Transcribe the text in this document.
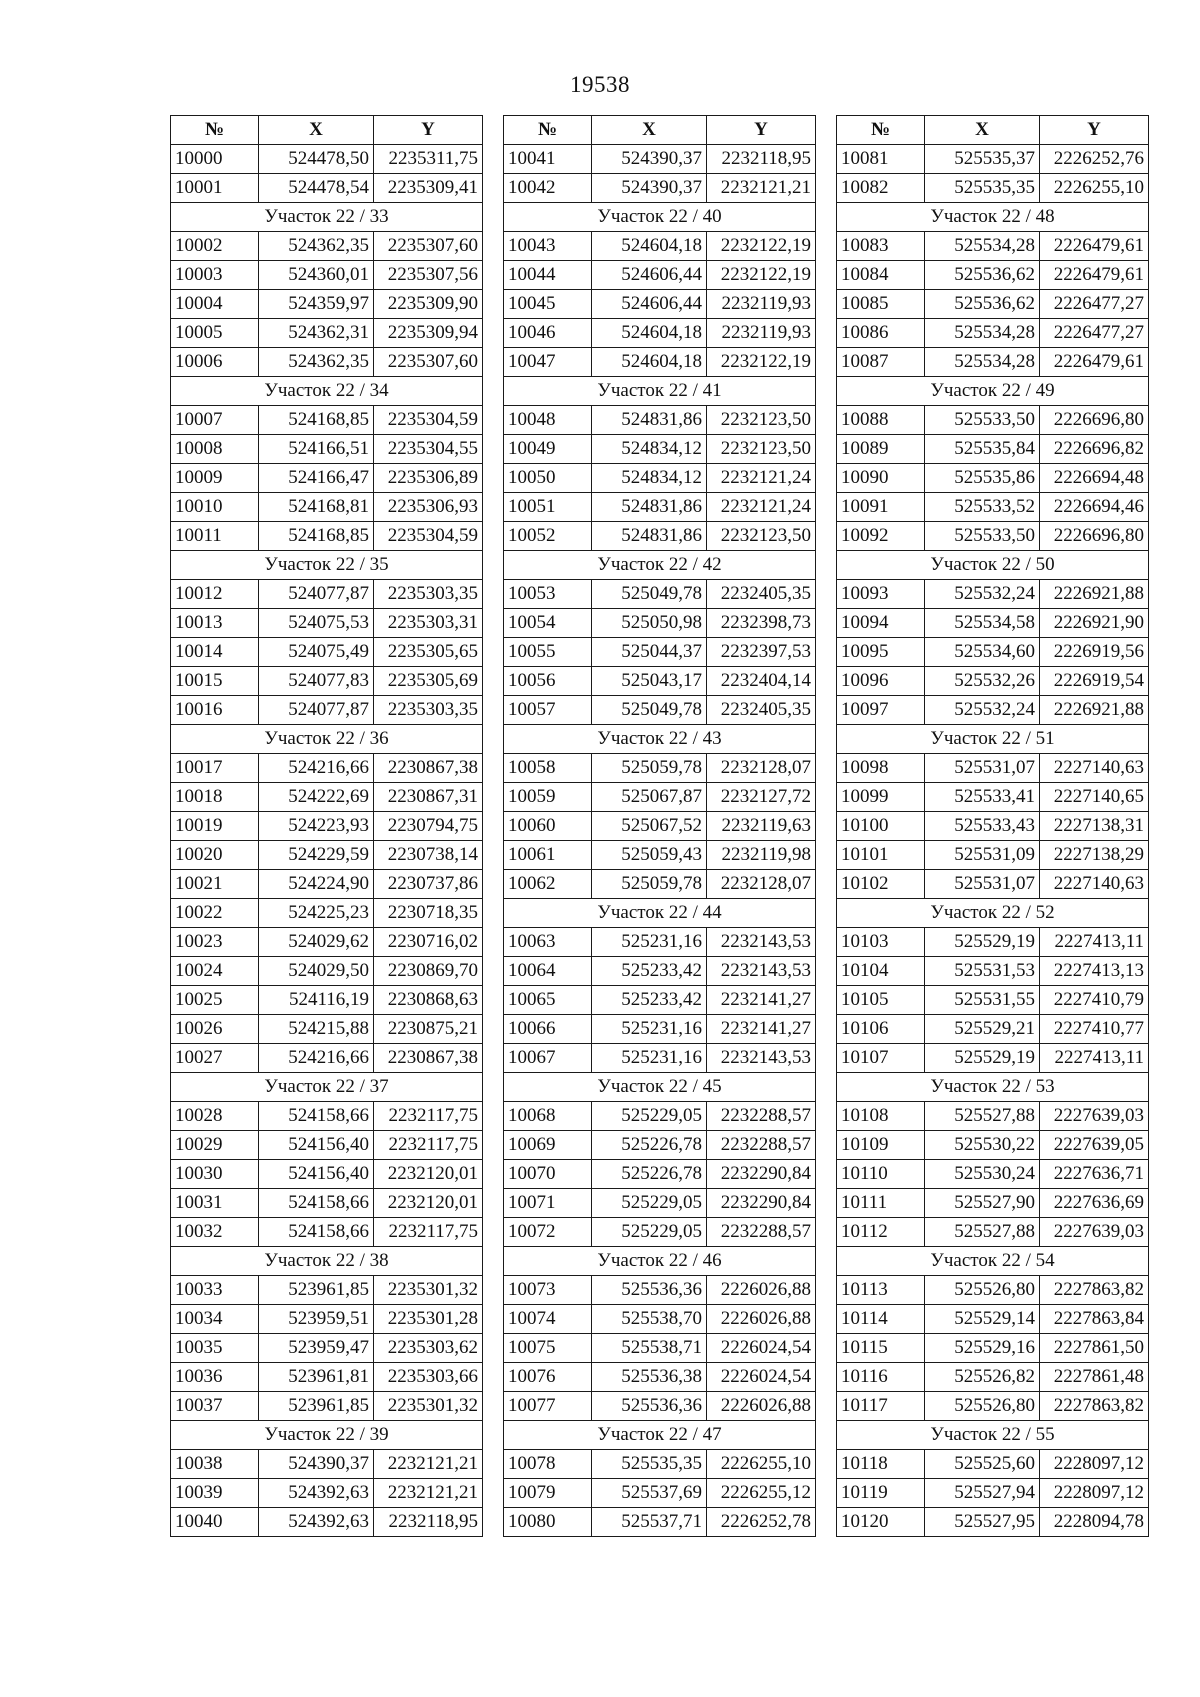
19538
№	X	Y
10000	524478,50	2235311,75
10001	524478,54	2235309,41
Участок 22 / 33		
10002	524362,35	2235307,60
10003	524360,01	2235307,56
10004	524359,97	2235309,90
10005	524362,31	2235309,94
10006	524362,35	2235307,60
Участок 22 / 34		
10007	524168,85	2235304,59
10008	524166,51	2235304,55
10009	524166,47	2235306,89
10010	524168,81	2235306,93
10011	524168,85	2235304,59
Участок 22 / 35		
10012	524077,87	2235303,35
10013	524075,53	2235303,31
10014	524075,49	2235305,65
10015	524077,83	2235305,69
10016	524077,87	2235303,35
Участок 22 / 36		
10017	524216,66	2230867,38
10018	524222,69	2230867,31
10019	524223,93	2230794,75
10020	524229,59	2230738,14
10021	524224,90	2230737,86
10022	524225,23	2230718,35
10023	524029,62	2230716,02
10024	524029,50	2230869,70
10025	524116,19	2230868,63
10026	524215,88	2230875,21
10027	524216,66	2230867,38
Участок 22 / 37		
10028	524158,66	2232117,75
10029	524156,40	2232117,75
10030	524156,40	2232120,01
10031	524158,66	2232120,01
10032	524158,66	2232117,75
Участок 22 / 38		
10033	523961,85	2235301,32
10034	523959,51	2235301,28
10035	523959,47	2235303,62
10036	523961,81	2235303,66
10037	523961,85	2235301,32
Участок 22 / 39		
10038	524390,37	2232121,21
10039	524392,63	2232121,21
10040	524392,63	2232118,95
№	X	Y
10041	524390,37	2232118,95
10042	524390,37	2232121,21
Участок 22 / 40		
10043	524604,18	2232122,19
10044	524606,44	2232122,19
10045	524606,44	2232119,93
10046	524604,18	2232119,93
10047	524604,18	2232122,19
Участок 22 / 41		
10048	524831,86	2232123,50
10049	524834,12	2232123,50
10050	524834,12	2232121,24
10051	524831,86	2232121,24
10052	524831,86	2232123,50
Участок 22 / 42		
10053	525049,78	2232405,35
10054	525050,98	2232398,73
10055	525044,37	2232397,53
10056	525043,17	2232404,14
10057	525049,78	2232405,35
Участок 22 / 43		
10058	525059,78	2232128,07
10059	525067,87	2232127,72
10060	525067,52	2232119,63
10061	525059,43	2232119,98
10062	525059,78	2232128,07
Участок 22 / 44		
10063	525231,16	2232143,53
10064	525233,42	2232143,53
10065	525233,42	2232141,27
10066	525231,16	2232141,27
10067	525231,16	2232143,53
Участок 22 / 45		
10068	525229,05	2232288,57
10069	525226,78	2232288,57
10070	525226,78	2232290,84
10071	525229,05	2232290,84
10072	525229,05	2232288,57
Участок 22 / 46		
10073	525536,36	2226026,88
10074	525538,70	2226026,88
10075	525538,71	2226024,54
10076	525536,38	2226024,54
10077	525536,36	2226026,88
Участок 22 / 47		
10078	525535,35	2226255,10
10079	525537,69	2226255,12
10080	525537,71	2226252,78
№	X	Y
10081	525535,37	2226252,76
10082	525535,35	2226255,10
Участок 22 / 48		
10083	525534,28	2226479,61
10084	525536,62	2226479,61
10085	525536,62	2226477,27
10086	525534,28	2226477,27
10087	525534,28	2226479,61
Участок 22 / 49		
10088	525533,50	2226696,80
10089	525535,84	2226696,82
10090	525535,86	2226694,48
10091	525533,52	2226694,46
10092	525533,50	2226696,80
Участок 22 / 50		
10093	525532,24	2226921,88
10094	525534,58	2226921,90
10095	525534,60	2226919,56
10096	525532,26	2226919,54
10097	525532,24	2226921,88
Участок 22 / 51		
10098	525531,07	2227140,63
10099	525533,41	2227140,65
10100	525533,43	2227138,31
10101	525531,09	2227138,29
10102	525531,07	2227140,63
Участок 22 / 52		
10103	525529,19	2227413,11
10104	525531,53	2227413,13
10105	525531,55	2227410,79
10106	525529,21	2227410,77
10107	525529,19	2227413,11
Участок 22 / 53		
10108	525527,88	2227639,03
10109	525530,22	2227639,05
10110	525530,24	2227636,71
10111	525527,90	2227636,69
10112	525527,88	2227639,03
Участок 22 / 54		
10113	525526,80	2227863,82
10114	525529,14	2227863,84
10115	525529,16	2227861,50
10116	525526,82	2227861,48
10117	525526,80	2227863,82
Участок 22 / 55		
10118	525525,60	2228097,12
10119	525527,94	2228097,12
10120	525527,95	2228094,78
